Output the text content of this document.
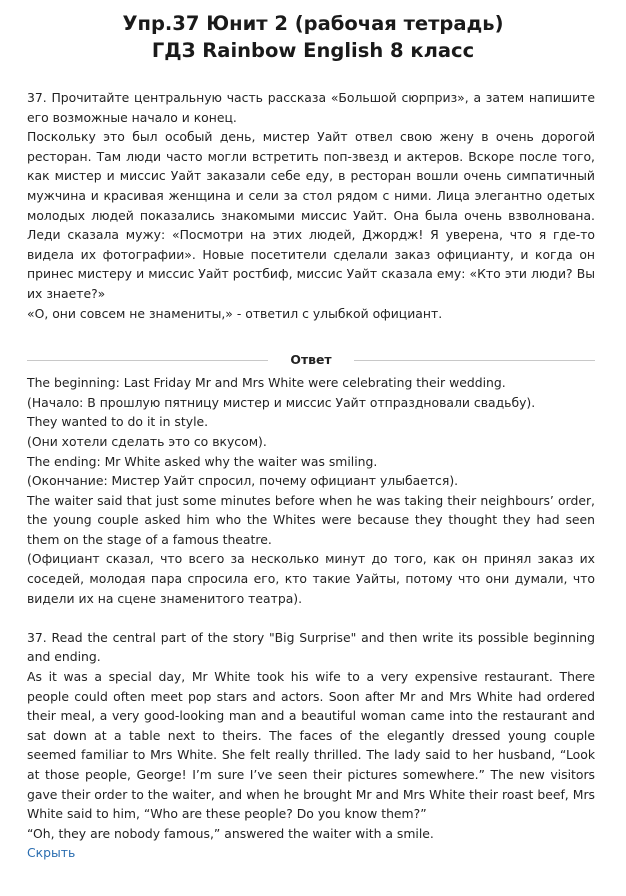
Упр.37 Юнит 2 (рабочая тетрадь)
ГДЗ Rainbow English 8 класс

37. Прочитайте центральную часть рассказа «Большой сюрприз», а затем напишите его возможные начало и конец.

Поскольку это был особый день, мистер Уайт отвел свою жену в очень дорогой ресторан. Там люди часто могли встретить поп-звезд и актеров. Вскоре после того, как мистер и миссис Уайт заказали себе еду, в ресторан вошли очень симпатичный мужчина и красивая женщина и сели за стол рядом с ними. Лица элегантно одетых молодых людей показались знакомыми миссис Уайт. Она была очень взволнована. Леди сказала мужу: «Посмотри на этих людей, Джордж! Я уверена, что я где-то видела их фотографии». Новые посетители сделали заказ официанту, и когда он принес мистеру и миссис Уайт ростбиф, миссис Уайт сказала ему: «Кто эти люди? Вы их знаете?»

«О, они совсем не знамениты,» - ответил с улыбкой официант.

Ответ

The beginning: Last Friday Mr and Mrs White were celebrating their wedding.

(Начало: В прошлую пятницу мистер и миссис Уайт отпраздновали свадьбу).

They wanted to do it in style.

(Они хотели сделать это со вкусом).

The ending: Mr White asked why the waiter was smiling.

(Окончание: Мистер Уайт спросил, почему официант улыбается).

The waiter said that just some minutes before when he was taking their neighbours’ order, the young couple asked him who the Whites were because they thought they had seen them on the stage of a famous theatre.

(Официант сказал, что всего за несколько минут до того, как он принял заказ их соседей, молодая пара спросила его, кто такие Уайты, потому что они думали, что видели их на сцене знаменитого театра).

37. Read the central part of the story "Big Surprise" and then write its possible beginning and ending.

As it was a special day, Mr White took his wife to a very expensive restaurant. There people could often meet pop stars and actors. Soon after Mr and Mrs White had ordered their meal, a very good-looking man and a beautiful woman came into the restaurant and sat down at a table next to theirs. The faces of the elegantly dressed young couple seemed familiar to Mrs White. She felt really thrilled. The lady said to her husband, “Look at those people, George! I’m sure I’ve seen their pictures somewhere.” The new visitors gave their order to the waiter, and when he brought Mr and Mrs White their roast beef, Mrs White said to him, “Who are these people? Do you know them?”

“Oh, they are nobody famous,” answered the waiter with a smile.

Скрыть
